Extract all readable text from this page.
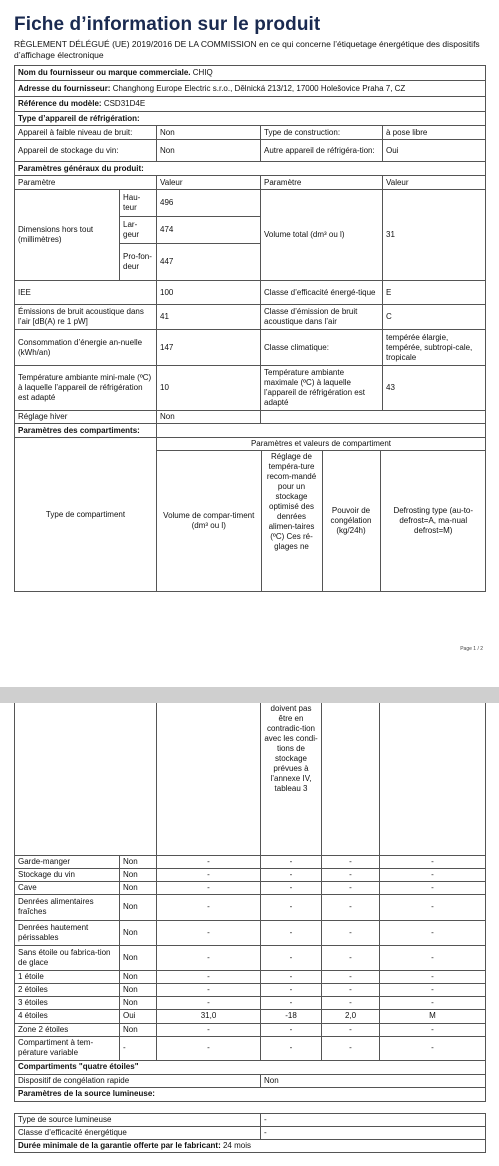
Fiche d’information sur le produit
RÈGLEMENT DÉLÉGUÉ (UE) 2019/2016 DE LA COMMISSION en ce qui concerne l’étiquetage énergétique des dispositifs d’affichage électronique
Nom du fournisseur ou marque commerciale. CHIQ
Adresse du fournisseur: Changhong Europe Electric s.r.o., Dělnická 213/12, 17000 Holešovice Praha 7, CZ
Référence du modèle: CSD31D4E
Type d’appareil de réfrigération:
Appareil à faible niveau de bruit:	Non	Type de construction:	à pose libre
Appareil de stockage du vin:	Non	Autre appareil de réfrigéra-tion:	Oui
Paramètres généraux du produit:
Paramètre	Valeur	Paramètre	Valeur
Dimensions hors tout (millimètres)	Hau-teur	496	Volume total (dm³ ou l)	31
Lar-geur	474
Pro-fon-deur	447
IEE	100	Classe d’efficacité énergé-tique	E
Émissions de bruit acoustique dans l’air [dB(A) re 1 pW]	41	Classe d’émission de bruit acoustique dans l’air	C
Consommation d’énergie an-nuelle (kWh/an)	147	Classe climatique:	tempérée élargie, tempérée, subtropi-cale, tropicale
Température ambiante mini-male (ºC) à laquelle l’appareil de réfrigération est adapté	10	Température ambiante maximale (ºC) à laquelle l’appareil de réfrigération est adapté	43
Réglage hiver	Non	
Paramètres des compartiments:	
Type de compartiment	Paramètres et valeurs de compartiment

Volume de compar-timent (dm³ ou l)	Réglage de tempéra-ture recom-mandé pour un stockage optimisé des denrées alimen-taires (ºC) Ces ré-glages ne	Pouvoir de congélation (kg/24h)	Defrosting type (au-to-defrost=A, ma-nual defrost=M)
Page 1 / 2
			doivent pas être en contradic-tion avec les condi-tions de stockage prévues à l’annexe IV, tableau 3		
Garde-manger	Non	-	-	-	-
Stockage du vin	Non	-	-	-	-
Cave	Non	-	-	-	-
Denrées alimentaires fraîches	Non	-	-	-	-
Denrées hautement périssables	Non	-	-	-	-
Sans étoile ou fabrica-tion de glace	Non	-	-	-	-
1 étoile	Non	-	-	-	-
2 étoiles	Non	-	-	-	-
3 étoiles	Non	-	-	-	-
4 étoiles	Oui	31,0	-18	2,0	M
Zone 2 étoiles	Non	-	-	-	-
Compartiment à tem-pérature variable	-	-	-	-	-
Compartiments "quatre étoiles"					
Dispositif de congélation rapide			Non		
Paramètres de la source lumineuse:					

Type de source lumineuse			-		
Classe d’efficacité énergétique			-		
Durée minimale de la garantie offerte par le fabricant: 24 mois					
